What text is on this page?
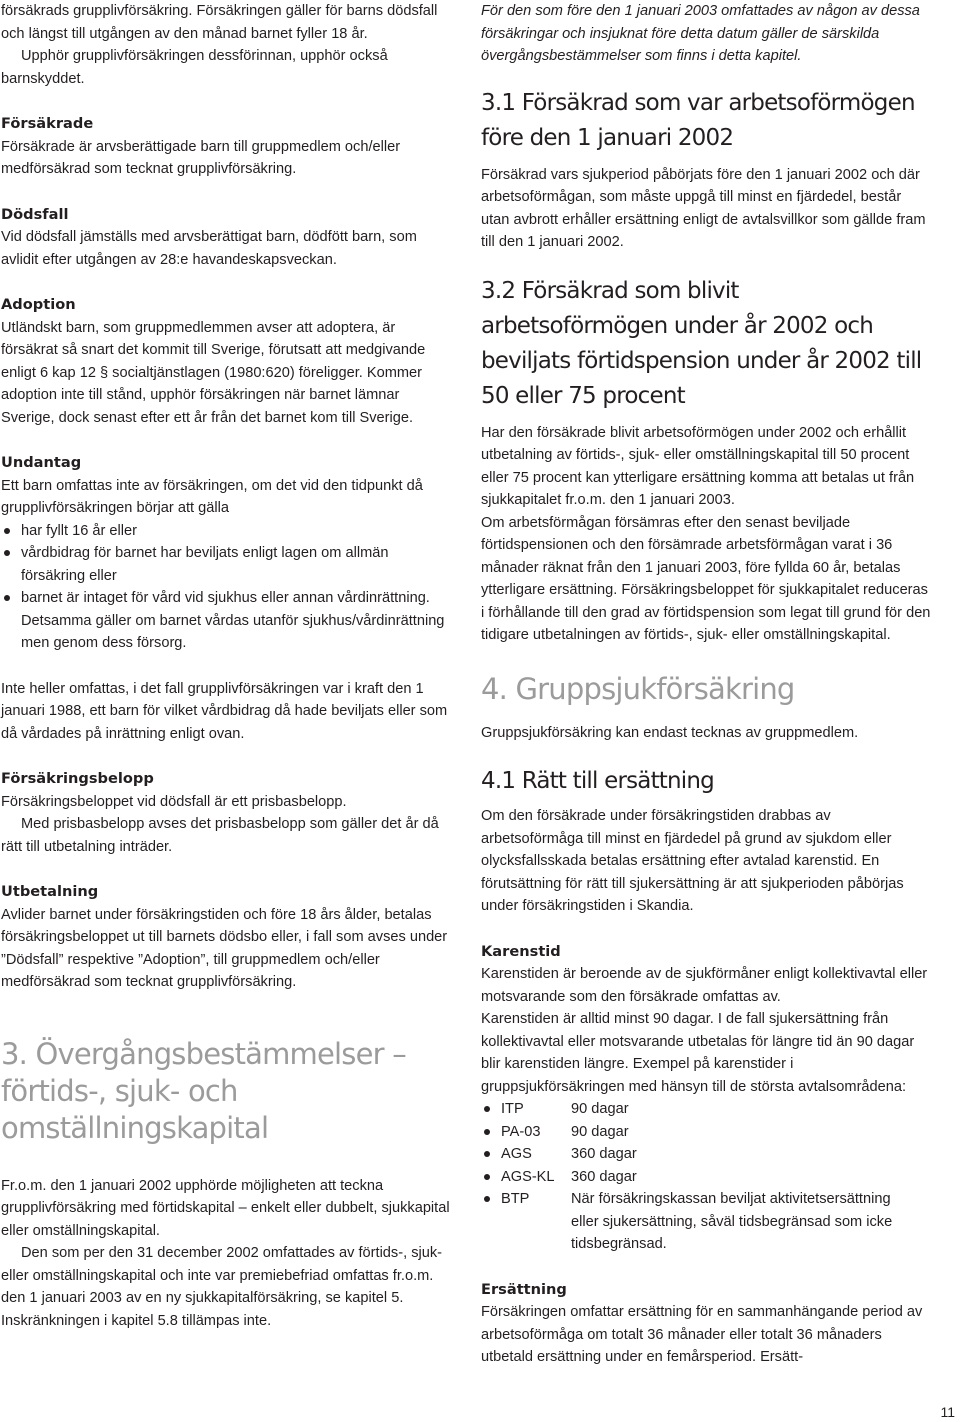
försäkrads grupplivförsäkring. Försäkringen gäller för barns dödsfall och längst till utgången av den månad barnet fyller 18 år.

Upphör grupplivförsäkringen dessförinnan, upphör också barnskyddet.

Försäkrade

Försäkrade är arvsberättigade barn till gruppmedlem och/eller medförsäkrad som tecknat grupplivförsäkring.

Dödsfall

Vid dödsfall jämställs med arvsberättigat barn, dödfött barn, som avlidit efter utgången av 28:e havandeskapsveckan.

Adoption

Utländskt barn, som gruppmedlemmen avser att adoptera, är försäkrat så snart det kommit till Sverige, förutsatt att medgivande enligt 6 kap 12 § socialtjänstlagen (1980:620) föreligger. Kommer adoption inte till stånd, upphör försäkringen när barnet lämnar Sverige, dock senast efter ett år från det barnet kom till Sverige.

Undantag

Ett barn omfattas inte av försäkringen, om det vid den tidpunkt då grupplivförsäkringen börjar att gälla

har fyllt 16 år eller
vårdbidrag för barnet har beviljats enligt lagen om allmän försäkring eller
barnet är intaget för vård vid sjukhus eller annan vårdinrättning. Detsamma gäller om barnet vårdas utanför sjukhus/vårdinrättning men genom dess försorg.

Inte heller omfattas, i det fall grupplivförsäkringen var i kraft den 1 januari 1988, ett barn för vilket vårdbidrag då hade beviljats eller som då vårdades på inrättning enligt ovan.

Försäkringsbelopp

Försäkringsbeloppet vid dödsfall är ett prisbasbelopp.

Med prisbasbelopp avses det prisbasbelopp som gäller det år då rätt till utbetalning inträder.

Utbetalning

Avlider barnet under försäkringstiden och före 18 års ålder, betalas försäkringsbeloppet ut till barnets dödsbo eller, i fall som avses under ”Dödsfall” respektive ”Adoption”, till gruppmedlem och/eller medförsäkrad som tecknat grupplivförsäkring.

3. Övergångsbestämmelser – förtids-, sjuk- och omställningskapital

Fr.o.m. den 1 januari 2002 upphörde möjligheten att teckna grupplivförsäkring med förtidskapital – enkelt eller dubbelt, sjukkapital eller omställningskapital.

Den som per den 31 december 2002 omfattades av förtids-, sjuk- eller omställningskapital och inte var premiebefriad omfattas fr.o.m. den 1 januari 2003 av en ny sjukkapitalförsäkring, se kapitel 5. Inskränkningen i kapitel 5.8 tillämpas inte.

För den som före den 1 januari 2003 omfattades av någon av dessa försäkringar och insjuknat före detta datum gäller de särskilda övergångsbestämmelser som finns i detta kapitel.

3.1 Försäkrad som var arbetsoförmögen före den 1 januari 2002

Försäkrad vars sjukperiod påbörjats före den 1 januari 2002 och där arbetsoförmågan, som måste uppgå till minst en fjärdedel, består utan avbrott erhåller ersättning enligt de avtalsvillkor som gällde fram till den 1 januari 2002.

3.2 Försäkrad som blivit arbetsoförmögen under år 2002 och beviljats förtidspension under år 2002 till 50 eller 75 procent

Har den försäkrade blivit arbetsoförmögen under 2002 och erhållit utbetalning av förtids-, sjuk- eller omställningskapital till 50 procent eller 75 procent kan ytterligare ersättning komma att betalas ut från sjukkapitalet fr.o.m. den 1 januari 2003.

Om arbetsförmågan försämras efter den senast beviljade förtidspensionen och den försämrade arbetsförmågan varat i 36 månader räknat från den 1 januari 2003, före fyllda 60 år, betalas ytterligare ersättning. Försäkringsbeloppet för sjukkapitalet reduceras i förhållande till den grad av förtidspension som legat till grund för den tidigare utbetalningen av förtids-, sjuk- eller omställningskapital.

4. Gruppsjukförsäkring

Gruppsjukförsäkring kan endast tecknas av gruppmedlem.

4.1 Rätt till ersättning

Om den försäkrade under försäkringstiden drabbas av arbetsoförmåga till minst en fjärdedel på grund av sjukdom eller olycksfallsskada betalas ersättning efter avtalad karenstid. En förutsättning för rätt till sjukersättning är att sjukperioden påbörjas under försäkringstiden i Skandia.

Karenstid

Karenstiden är beroende av de sjukförmåner enligt kollektivavtal eller motsvarande som den försäkrade omfattas av.

Karenstiden är alltid minst 90 dagar. I de fall sjukersättning från kollektivavtal eller motsvarande utbetalas för längre tid än 90 dagar blir karenstiden längre. Exempel på karenstider i gruppsjukförsäkringen med hänsyn till de största avtalsområdena:

	ITP	90 dagar

	PA-03	90 dagar

	AGS	360 dagar

	AGS-KL	360 dagar

	BTP	När försäkringskassan beviljat aktivitetsersättning eller sjukersättning, såväl tidsbegränsad som icke tidsbegränsad.
Ersättning

Försäkringen omfattar ersättning för en sammanhängande period av arbetsoförmåga om totalt 36 månader eller totalt 36 månaders utbetald ersättning under en femårsperiod. Ersätt-

11
